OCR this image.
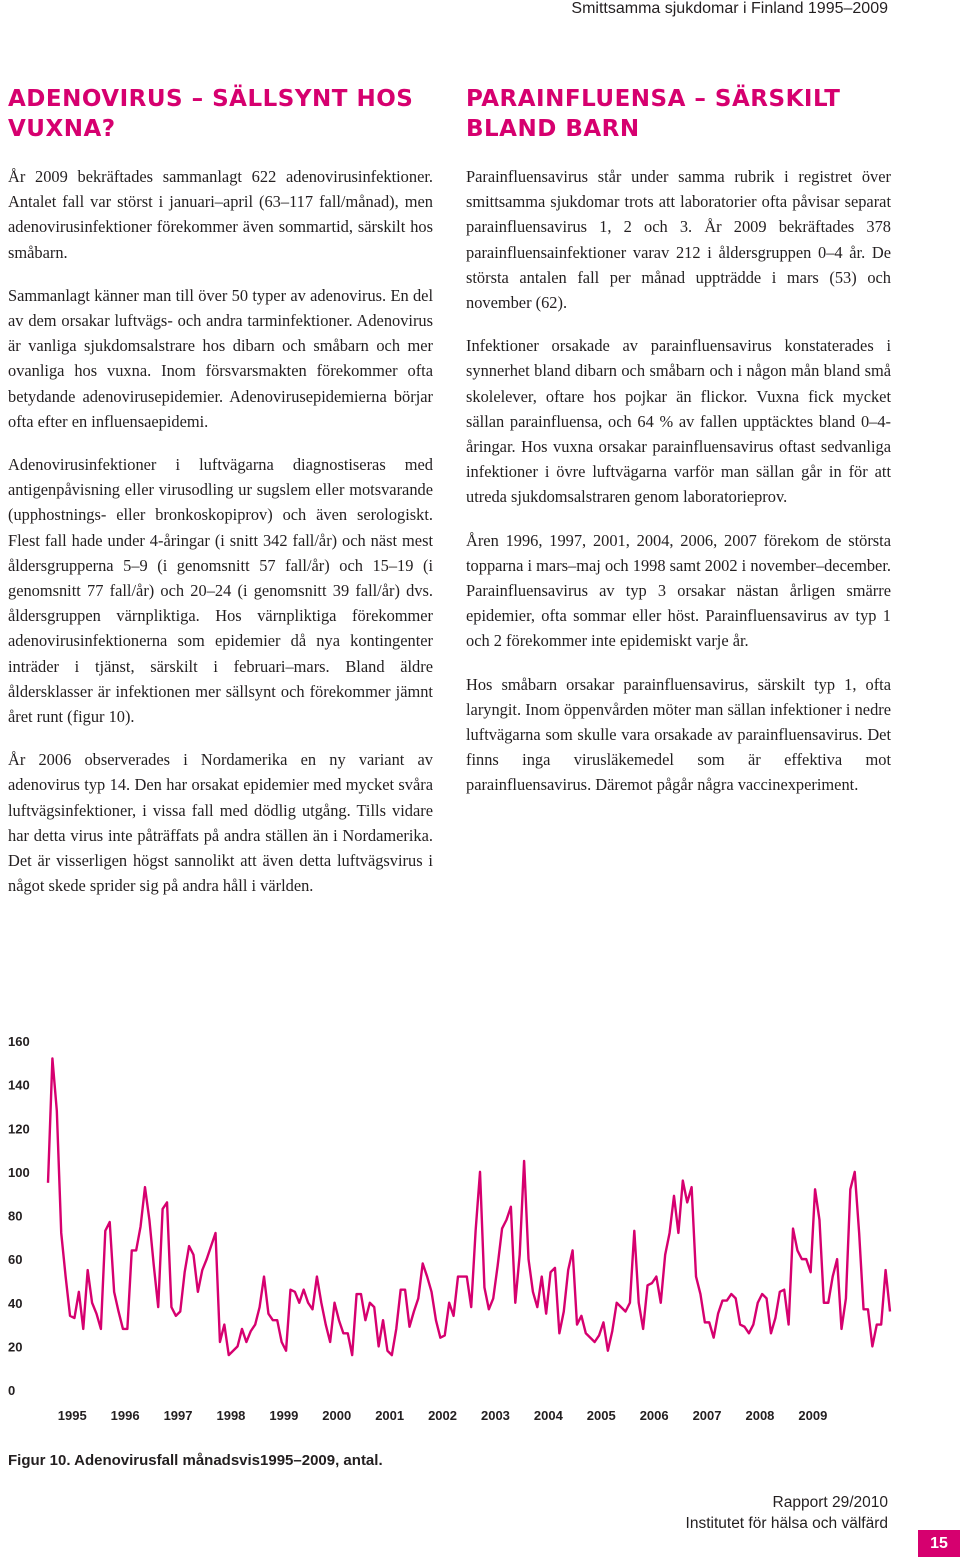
Smittsamma sjukdomar i Finland 1995–2009
ADENOVIRUS – SÄLLSYNT HOS VUXNA?

År 2009 bekräftades sammanlagt 622 adenovirusinfektioner. Antalet fall var störst i januari–april (63–117 fall/månad), men adenovirusinfektioner förekommer även sommartid, särskilt hos småbarn.

Sammanlagt känner man till över 50 typer av adenovirus. En del av dem orsakar luftvägs- och andra tarminfektioner. Adenovirus är vanliga sjukdomsalstrare hos dibarn och småbarn och mer ovanliga hos vuxna. Inom försvarsmakten förekommer ofta betydande adenovirusepidemier. Adenovirusepidemierna börjar ofta efter en influensaepidemi.

Adenovirusinfektioner i luftvägarna diagnostiseras med antigenpåvisning eller virusodling ur sugslem eller motsvarande (upphostnings- eller bronkoskopiprov) och även serologiskt. Flest fall hade under 4-åringar (i snitt 342 fall/år) och näst mest åldersgrupperna 5–9 (i genomsnitt 57 fall/år) och 15–19 (i genomsnitt 77 fall/år) och 20–24 (i genomsnitt 39 fall/år) dvs. åldersgruppen värnpliktiga. Hos värnpliktiga förekommer adenovirusinfektionerna som epidemier då nya kontingenter inträder i tjänst, särskilt i februari–mars. Bland äldre åldersklasser är infektionen mer sällsynt och förekommer jämnt året runt (figur 10).

År 2006 observerades i Nordamerika en ny variant av adenovirus typ 14. Den har orsakat epidemier med mycket svåra luftvägsinfektioner, i vissa fall med dödlig utgång. Tills vidare har detta virus inte påträffats på andra ställen än i Nordamerika. Det är visserligen högst sannolikt att även detta luftvägsvirus i något skede sprider sig på andra håll i världen.

PARAINFLUENSA – SÄRSKILT BLAND BARN

Parainfluensavirus står under samma rubrik i registret över smittsamma sjukdomar trots att laboratorier ofta påvisar separat parainfluensavirus 1, 2 och 3. År 2009 bekräftades 378 parainfluensainfektioner varav 212 i åldersgruppen 0–4 år. De största antalen fall per månad uppträdde i mars (53) och november (62).

Infektioner orsakade av parainfluensavirus konstaterades i synnerhet bland dibarn och småbarn och i någon mån bland små skolelever, oftare hos pojkar än flickor. Vuxna fick mycket sällan parainfluensa, och 64 % av fallen upptäcktes bland 0–4-åringar. Hos vuxna orsakar parainfluensavirus oftast sedvanliga infektioner i övre luftvägarna varför man sällan går in för att utreda sjukdomsalstraren genom laboratorieprov.

Åren 1996, 1997, 2001, 2004, 2006, 2007 förekom de största topparna i mars–maj och 1998 samt 2002 i november–december. Parainfluensavirus av typ 3 orsakar nästan årligen smärre epidemier, ofta sommar eller höst. Parainfluensavirus av typ 1 och 2 förekommer inte epidemiskt varje år.

Hos småbarn orsakar parainfluensavirus, särskilt typ 1, ofta laryngit. Inom öppenvården möter man sällan infektioner i nedre luftvägarna som skulle vara orsakade av parainfluensavirus. Det finns inga virusläkemedel som är effektiva mot parainfluensavirus. Däremot pågår några vaccinexperiment.

0
20
40
60
80
100
120
140
160
1995 1996 1997 1998 1999 2000 2001 2002 2003 2004 2005 2006 2007 2008 2009
Figur 10. Adenovirusfall månadsvis1995–2009, antal.
Rapport 29/2010
Institutet för hälsa och välfärd
15
